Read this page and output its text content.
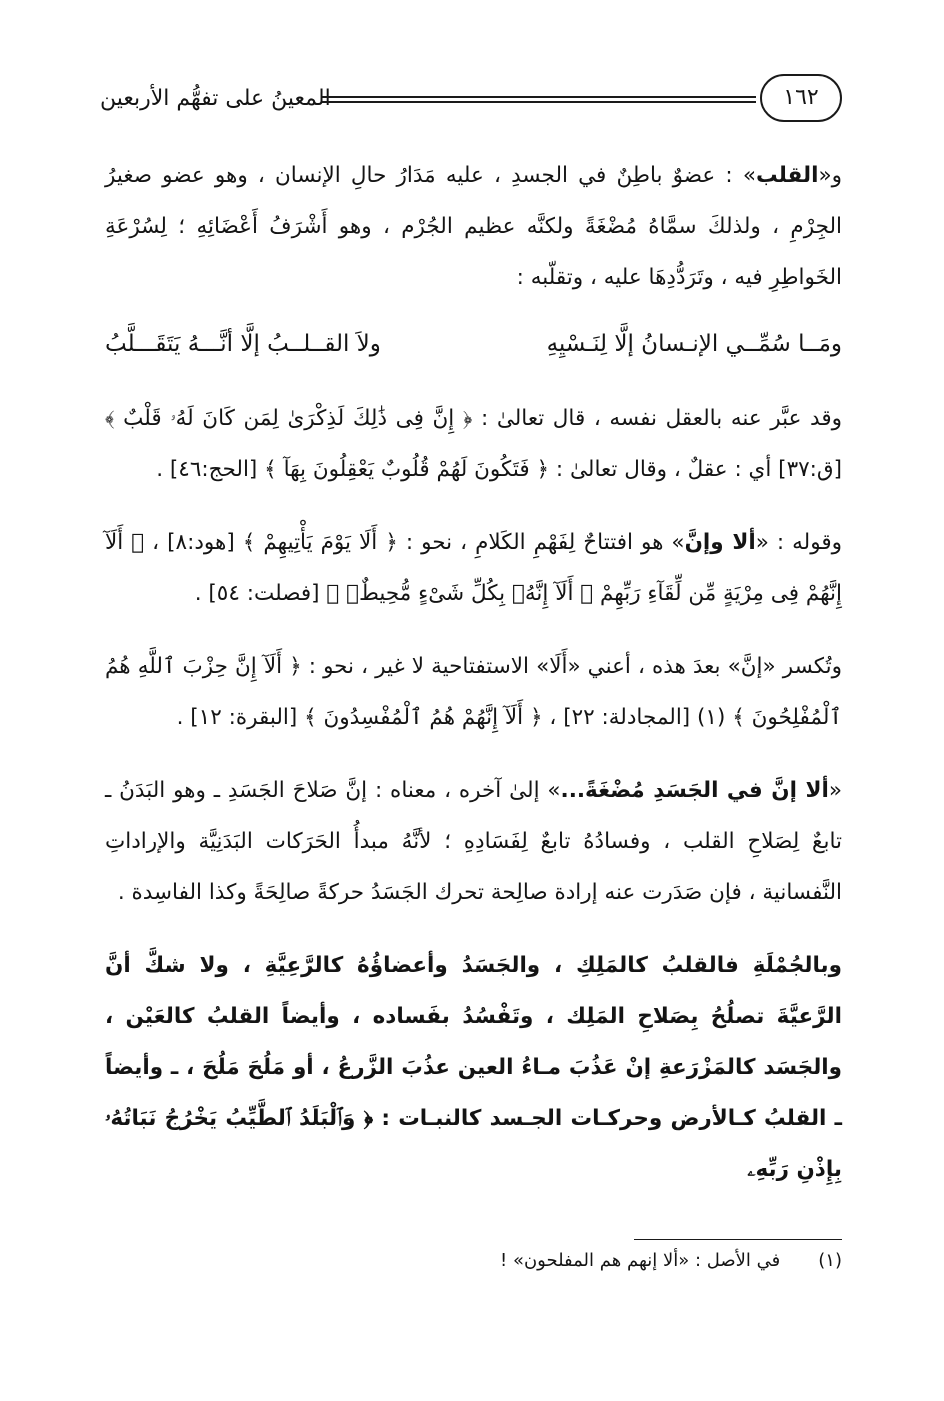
المعينُ على تفهُّم الأربعين	١٦٢

و«القلب» : عضوٌ باطِنٌ في الجسدِ ، عليه مَدَارُ حالِ الإنسان ، وهو عضو صغيرُ الجِرْمِ ، ولذلكَ سمَّاهُ مُضْغَةً ولكنَّه عظيم الجُرْم ، وهو أَشْرَفُ أَعْضَائِهِ ؛ لِسُرْعَةِ الخَواطِرِ فيه ، وتَرَدُّدِهَا عليه ، وتقلّبه :

ومَــا سُمِّــي الإنـسانُ إلَّا لِنَـسْيِهِ
ولاَ القــلــبُ إلَّا أنَّـــهُ يَتَقَـــلَّبُ

وقد عبَّر عنه بالعقل نفسه ، قال تعالىٰ : ﴿ إِنَّ فِى ذَٰلِكَ لَذِكْرَىٰ لِمَن كَانَ لَهُۥ قَلْبٌ ﴾ [ق:٣٧] أي : عقلٌ ، وقال تعالىٰ : ﴿ فَتَكُونَ لَهُمْ قُلُوبٌ يَعْقِلُونَ بِهَآ ﴾ [الحج:٤٦] .

وقوله : «ألا وإنَّ» هو افتتاحٌ لِفَهْمِ الكَلامِ ، نحو : ﴿ أَلَا يَوْمَ يَأْتِيهِمْ ﴾ [هود:٨] ، ﴿ أَلَآ إِنَّهُمْ فِى مِرْيَةٍ مِّن لِّقَآءِ رَبِّهِمْ ۗ أَلَآ إِنَّهُۥ بِكُلِّ شَىْءٍ مُّحِيطٌۢ ﴾ [فصلت: ٥٤] .

وتُكسر «إنَّ» بعدَ هذه ، أعني «أَلَا» الاستفتاحية لا غير ، نحو : ﴿ أَلَآ إِنَّ حِزْبَ ٱللَّهِ هُمُ ٱلْمُفْلِحُونَ ﴾ (١) [المجادلة: ٢٢] ، ﴿ أَلَآ إِنَّهُمْ هُمُ ٱلْمُفْسِدُونَ ﴾ [البقرة: ١٢] .

«ألا إنَّ في الجَسَدِ مُضْغَةً...» إلىٰ آخره ، معناه : إنَّ صَلاحَ الجَسَدِ ـ وهو البَدَنُ ـ تابعٌ لِصَلاحِ القلب ، وفسادُهُ تابعٌ لِفَسَادِهِ ؛ لأنَّهُ مبدأُ الحَرَكات البَدَنِيَّة والإراداتِ النَّفسانية ، فإن صَدَرت عنه إرادة صالِحة تحرك الجَسَدُ حركةً صالِحَةً وكذا الفاسِدة .

وبالجُمْلَةِ فالقلبُ كالمَلِكِ ، والجَسَدُ وأعضاؤُهُ كالرَّعِيَّةِ ، ولا شكَّ أنَّ الرَّعيَّةَ تصلُحُ بِصَلاحِ المَلِك ، وتَفْسُدُ بفَساده ، وأيضاً القلبُ كالعَيْن ، والجَسَد كالمَزْرَعةِ إنْ عَذُبَ مـاءُ العين عذُبَ الزَّرعُ ، أو مَلُحَ مَلُحَ ، ـ وأيضاً ـ القلبُ كـالأرض وحركـات الجـسد كالنبـات : ﴿ وَٱلْبَلَدُ ٱلطَّيِّبُ يَخْرُجُ نَبَاتُهُۥ بِإِذْنِ رَبِّهِۦ

(١)في الأصل : «ألا إنهم هم المفلحون» !
